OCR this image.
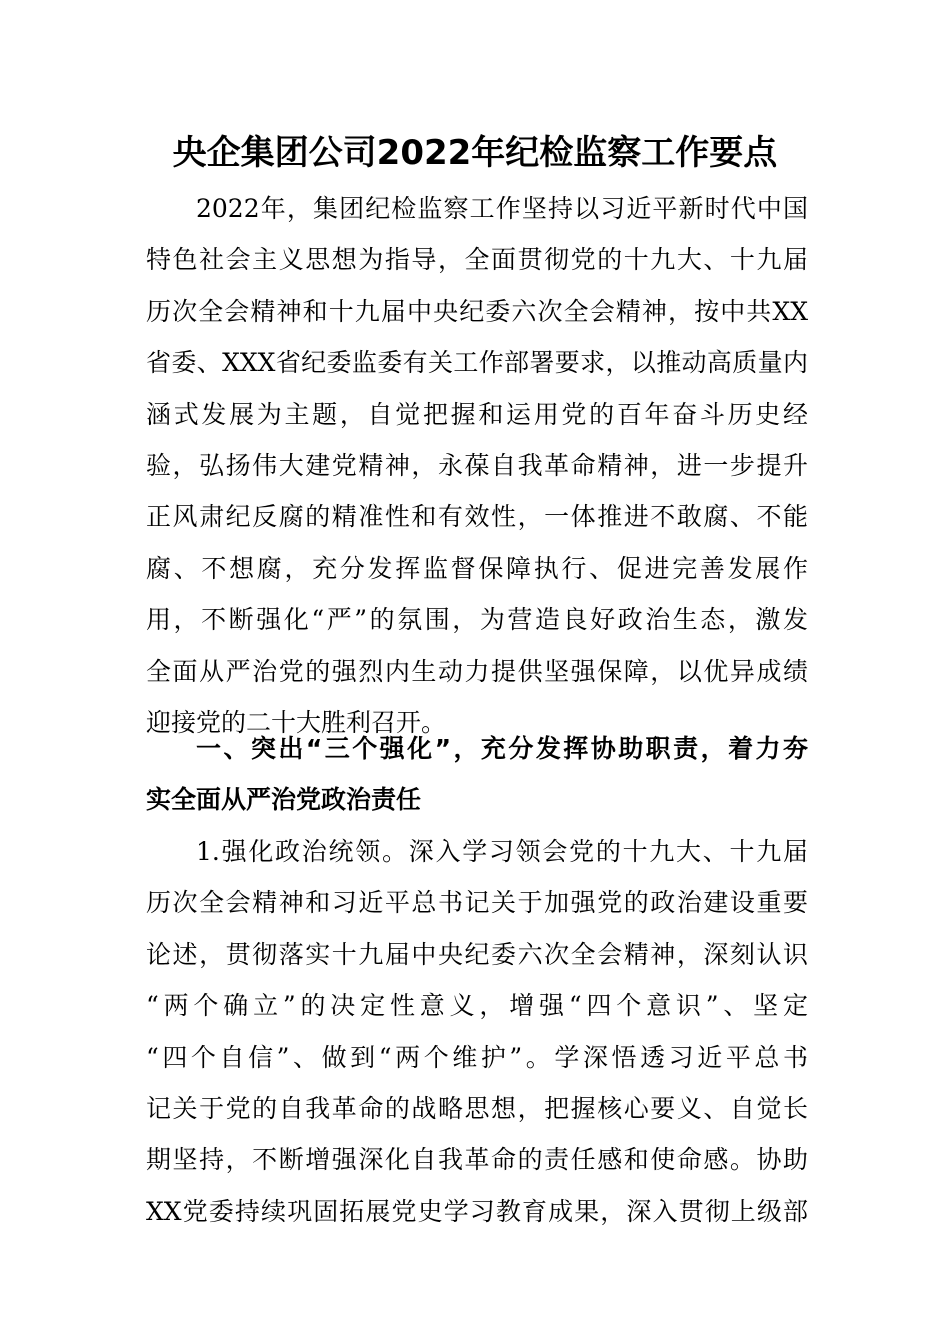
央企集团公司2022年纪检监察工作要点
2022年，集团纪检监察工作坚持以习近平新时代中国
特色社会主义思想为指导，全面贯彻党的十九大、十九届
历次全会精神和十九届中央纪委六次全会精神，按中共XX
省委、XXX省纪委监委有关工作部署要求，以推动高质量内
涵式发展为主题，自觉把握和运用党的百年奋斗历史经
验，弘扬伟大建党精神，永葆自我革命精神，进一步提升
正风肃纪反腐的精准性和有效性，一体推进不敢腐、不能
腐、不想腐，充分发挥监督保障执行、促进完善发展作
用，不断强化“严”的氛围，为营造良好政治生态，激发
全面从严治党的强烈内生动力提供坚强保障，以优异成绩
迎接党的二十大胜利召开。
一、突出“三个强化”，充分发挥协助职责，着力夯
实全面从严治党政治责任
1.强化政治统领。深入学习领会党的十九大、十九届
历次全会精神和习近平总书记关于加强党的政治建设重要
论述，贯彻落实十九届中央纪委六次全会精神，深刻认识
“两个确立”的决定性意义，增强“四个意识”、坚定
“四个自信”、做到“两个维护”。学深悟透习近平总书
记关于党的自我革命的战略思想，把握核心要义、自觉长
期坚持，不断增强深化自我革命的责任感和使命感。协助
XX党委持续巩固拓展党史学习教育成果，深入贯彻上级部
